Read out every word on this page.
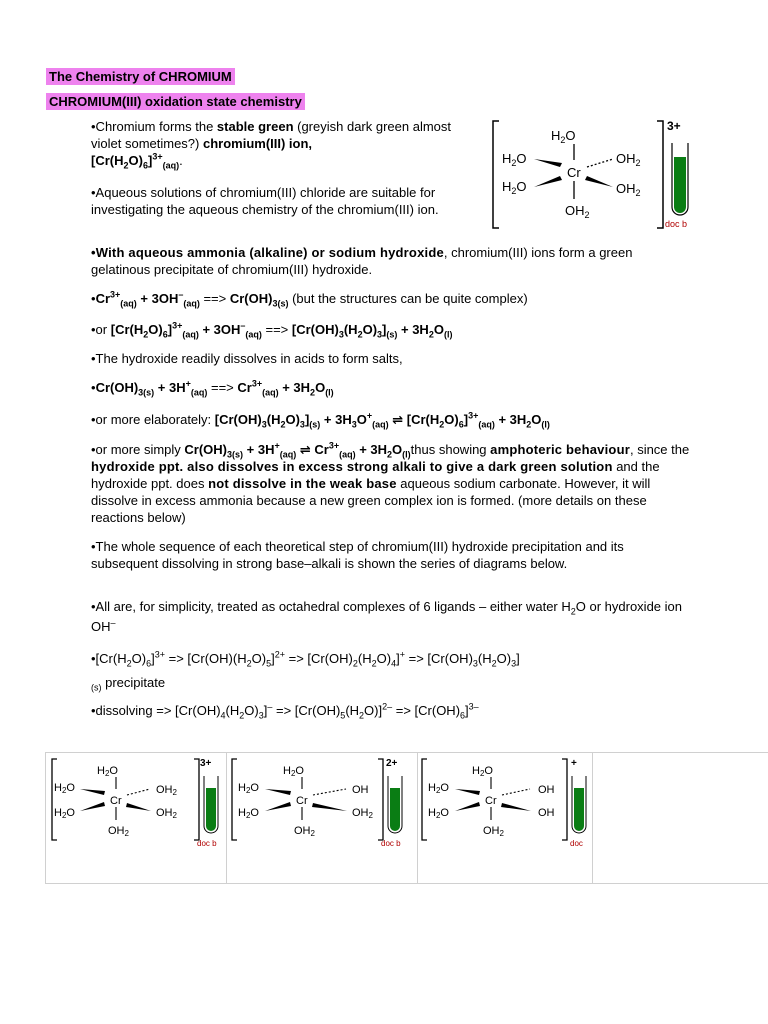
The Chemistry of CHROMIUM
CHROMIUM(III) oxidation state chemistry

•Chromium forms the stable green (greyish dark green almost violet sometimes?) chromium(III) ion,
$[Cr(H_2O)_6]^{3+}_{(aq)}$.

•Aqueous solutions of chromium(III) chloride are suitable for investigating the aqueous chemistry of the chromium(III) ion.

•With aqueous ammonia (alkaline) or sodium hydroxide, chromium(III) ions form a green gelatinous precipitate of chromium(III) hydroxide.

$•Cr^{3+}_{(aq)} + 3OH^-_{(aq)}$ ==> $Cr(OH)_{3(s)}$ (but the structures can be quite complex)

•or $[Cr(H_2O)_6]^{3+}_{(aq)} + 3OH^-_{(aq)}$ ==> $[Cr(OH)_3(H_2O)_3]_{(s)} + 3H_2O_{(l)}$

•The hydroxide readily dissolves in acids to form salts,

$•Cr(OH)_{3(s)} + 3H^+_{(aq)}$ ==> $Cr^{3+}_{(aq)} + 3H_2O_{(l)}$

•or more elaborately: $[Cr(OH)_3(H_2O)_3]_{(s)} + 3H_3O^+_{(aq)}$ ⇌ $[Cr(H_2O)_6]^{3+}_{(aq)} + 3H_2O_{(l)}$

•or more simply $Cr(OH)_{3(s)} + 3H^+_{(aq)}$ ⇌ $Cr^{3+}_{(aq)}$ + $3H_2O_{(l)}thus$ showing amphoteric behaviour, since the hydroxide ppt. also dissolves in excess strong alkali to give a dark green solution and the hydroxide ppt. does not dissolve in the weak base aqueous sodium carbonate. However, it will dissolve in excess ammonia because a new green complex ion is formed. (more details on these reactions below)

•The whole sequence of each theoretical step of chromium(III) hydroxide precipitation and its subsequent dissolving in strong base–alkali is shown the series of diagrams below.

•All are, for simplicity, treated as octahedral complexes of 6 ligands – either water $H_2O$ or hydroxide ion OH–

$•[Cr(H_2O)_6]^{3+} => [Cr(OH)(H_2O)_5]^{2+} => [Cr(OH)_2(H_2O)_4]^+ => [Cr(OH)_3(H_2O)_3]$
$_{(s)}$ precipitate

•dissolving => $[Cr(OH)_4(H_2O)_3]^- => [Cr(OH)_5(H_2O)]^{2-} => [Cr(OH)_6]^{3-}$

3+
$H_2O$
Cr
$H_2O$
$H_2O$
$OH_2$
$OH_2$
$OH_2$
doc b
3+
H2O
Cr
H2O
H2O
OH2
OH2
OH2
doc b
2+
H2O
Cr
H2O
H2O
OH
OH2
OH2
doc b
+
H2O
Cr
H2O
H2O
OH
OH
OH2
doc
